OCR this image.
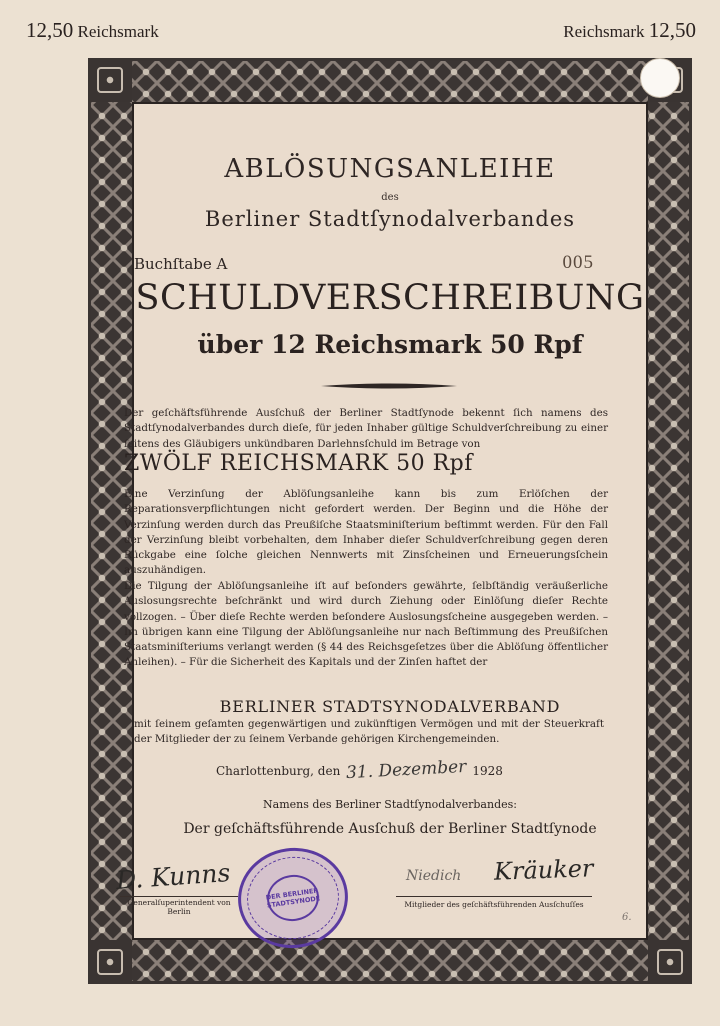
12,50 Reichsmark	Reichsmark 12,50
ABLÖSUNGSANLEIHE
des
Berliner Stadtſynodalverbandes
Buchſtabe A	005
SCHULDVERSCHREIBUNG
über 12 Reichsmark 50 Rpf

Der geſchäftsführende Ausſchuß der Berliner Stadtſynode bekennt ſich namens des Stadtſynodalverbandes durch dieſe, für jeden Inhaber gültige Schuldverſchreibung zu einer ſeitens des Gläubigers unkündbaren Darlehnsſchuld im Betrage von

ZWÖLF REICHSMARK 50 Rpf

Eine Verzinſung der Ablöſungsanleihe kann bis zum Erlöſchen der Reparationsverpflichtungen nicht gefordert werden. Der Beginn und die Höhe der Verzinſung werden durch das Preußiſche Staatsminiſterium beſtimmt werden. Für den Fall der Verzinſung bleibt vorbehalten, dem Inhaber dieſer Schuldverſchreibung gegen deren Rückgabe eine ſolche gleichen Nennwerts mit Zinsſcheinen und Erneuerungsſchein auszuhändigen.

Die Tilgung der Ablöſungsanleihe iſt auf beſonders gewährte, ſelbſtändig veräußerliche Auslosungsrechte beſchränkt und wird durch Ziehung oder Einlöſung dieſer Rechte vollzogen. – Über dieſe Rechte werden beſondere Auslosungsſcheine ausgegeben werden. – Im übrigen kann eine Tilgung der Ablöſungsanleihe nur nach Beſtimmung des Preußiſchen Staatsminiſteriums verlangt werden (§ 44 des Reichsgeſetzes über die Ablöſung öffentlicher Anleihen). – Für die Sicherheit des Kapitals und der Zinſen haftet der

BERLINER STADTSYNODALVERBAND

mit ſeinem geſamten gegenwärtigen und zukünftigen Vermögen und mit der Steuerkraft der Mitglieder der zu ſeinem Verbande gehörigen Kirchengemeinden.

Charlottenburg, den 31. Dezember 1928
Namens des Berliner Stadtſynodalverbandes:
Der geſchäftsführende Ausſchuß der Berliner Stadtſynode
D. Kunns	Niedich Kräuker
Generalſuperintendent von Berlin
Mitglieder des geſchäftsführenden Ausſchuſſes
DER BERLINER STADTSYNODE
6.
